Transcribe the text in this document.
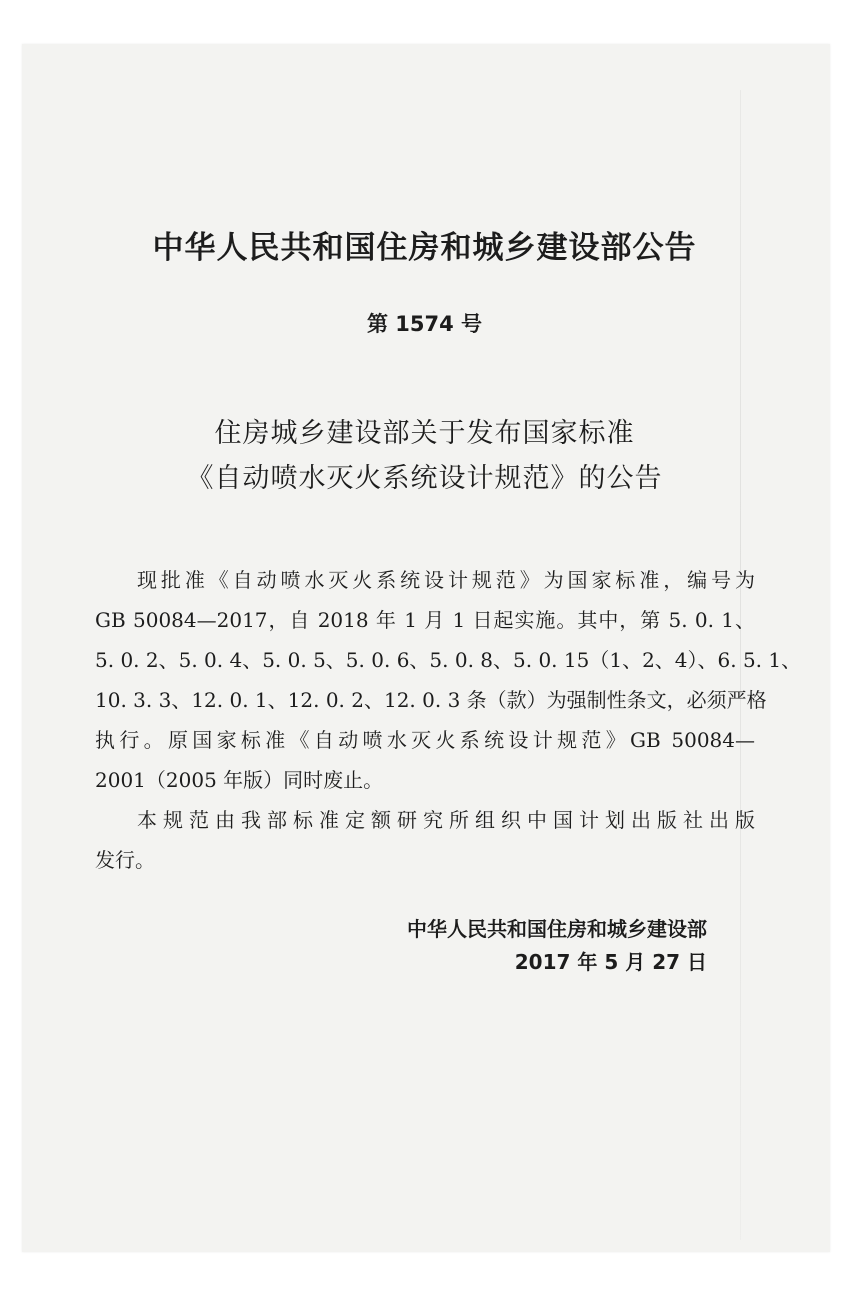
中华人民共和国住房和城乡建设部公告
第 1574 号
住房城乡建设部关于发布国家标准
《自动喷水灭火系统设计规范》的公告
现批准《自动喷水灭火系统设计规范》为国家标准，编号为
GB 50084—2017，自 2018 年 1 月 1 日起实施。其中，第 5. 0. 1、
5. 0. 2、5. 0. 4、5. 0. 5、5. 0. 6、5. 0. 8、5. 0. 15（1、2、4）、6. 5. 1、
10. 3. 3、12. 0. 1、12. 0. 2、12. 0. 3 条（款）为强制性条文，必须严格
执行。原国家标准《自动喷水灭火系统设计规范》GB 50084—
2001（2005 年版）同时废止。
本规范由我部标准定额研究所组织中国计划出版社出版
发行。
中华人民共和国住房和城乡建设部
2017 年 5 月 27 日
